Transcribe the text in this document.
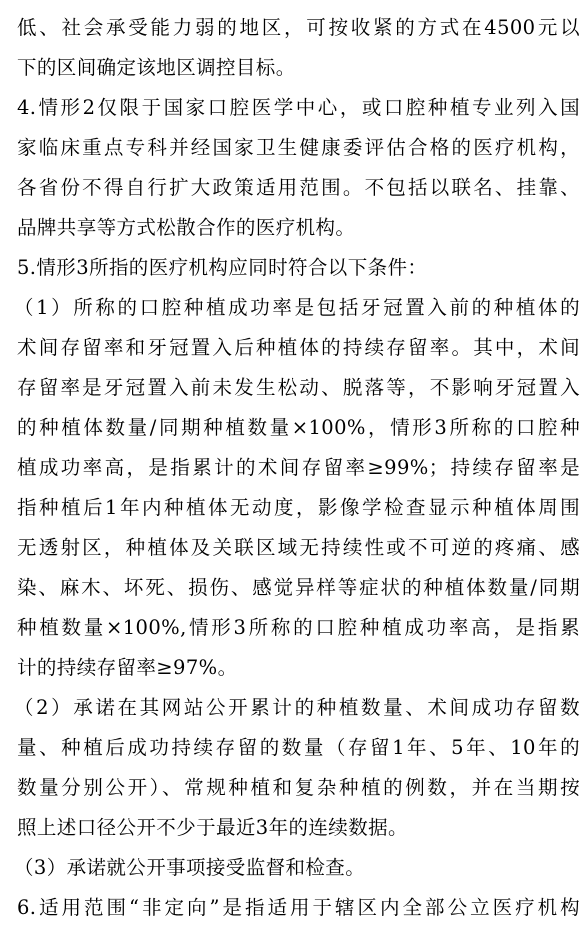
低、社会承受能力弱的地区，可按收紧的方式在4500元以
下的区间确定该地区调控目标。
4.情形2仅限于国家口腔医学中心，或口腔种植专业列入国
家临床重点专科并经国家卫生健康委评估合格的医疗机构，
各省份不得自行扩大政策适用范围。不包括以联名、挂靠、
品牌共享等方式松散合作的医疗机构。
5.情形3所指的医疗机构应同时符合以下条件：
（1）所称的口腔种植成功率是包括牙冠置入前的种植体的
术间存留率和牙冠置入后种植体的持续存留率。其中，术间
存留率是牙冠置入前未发生松动、脱落等，不影响牙冠置入
的种植体数量/同期种植数量×100%，情形3所称的口腔种
植成功率高，是指累计的术间存留率≥99%；持续存留率是
指种植后1年内种植体无动度，影像学检查显示种植体周围
无透射区，种植体及关联区域无持续性或不可逆的疼痛、感
染、麻木、坏死、损伤、感觉异样等症状的种植体数量/同期
种植数量×100%,情形3所称的口腔种植成功率高，是指累
计的持续存留率≥97%。
（2）承诺在其网站公开累计的种植数量、术间成功存留数
量、种植后成功持续存留的数量（存留1年、5年、10年的
数量分别公开）、常规种植和复杂种植的例数，并在当期按
照上述口径公开不少于最近3年的连续数据。
（3）承诺就公开事项接受监督和检查。
6.适用范围“非定向”是指适用于辖区内全部公立医疗机构
